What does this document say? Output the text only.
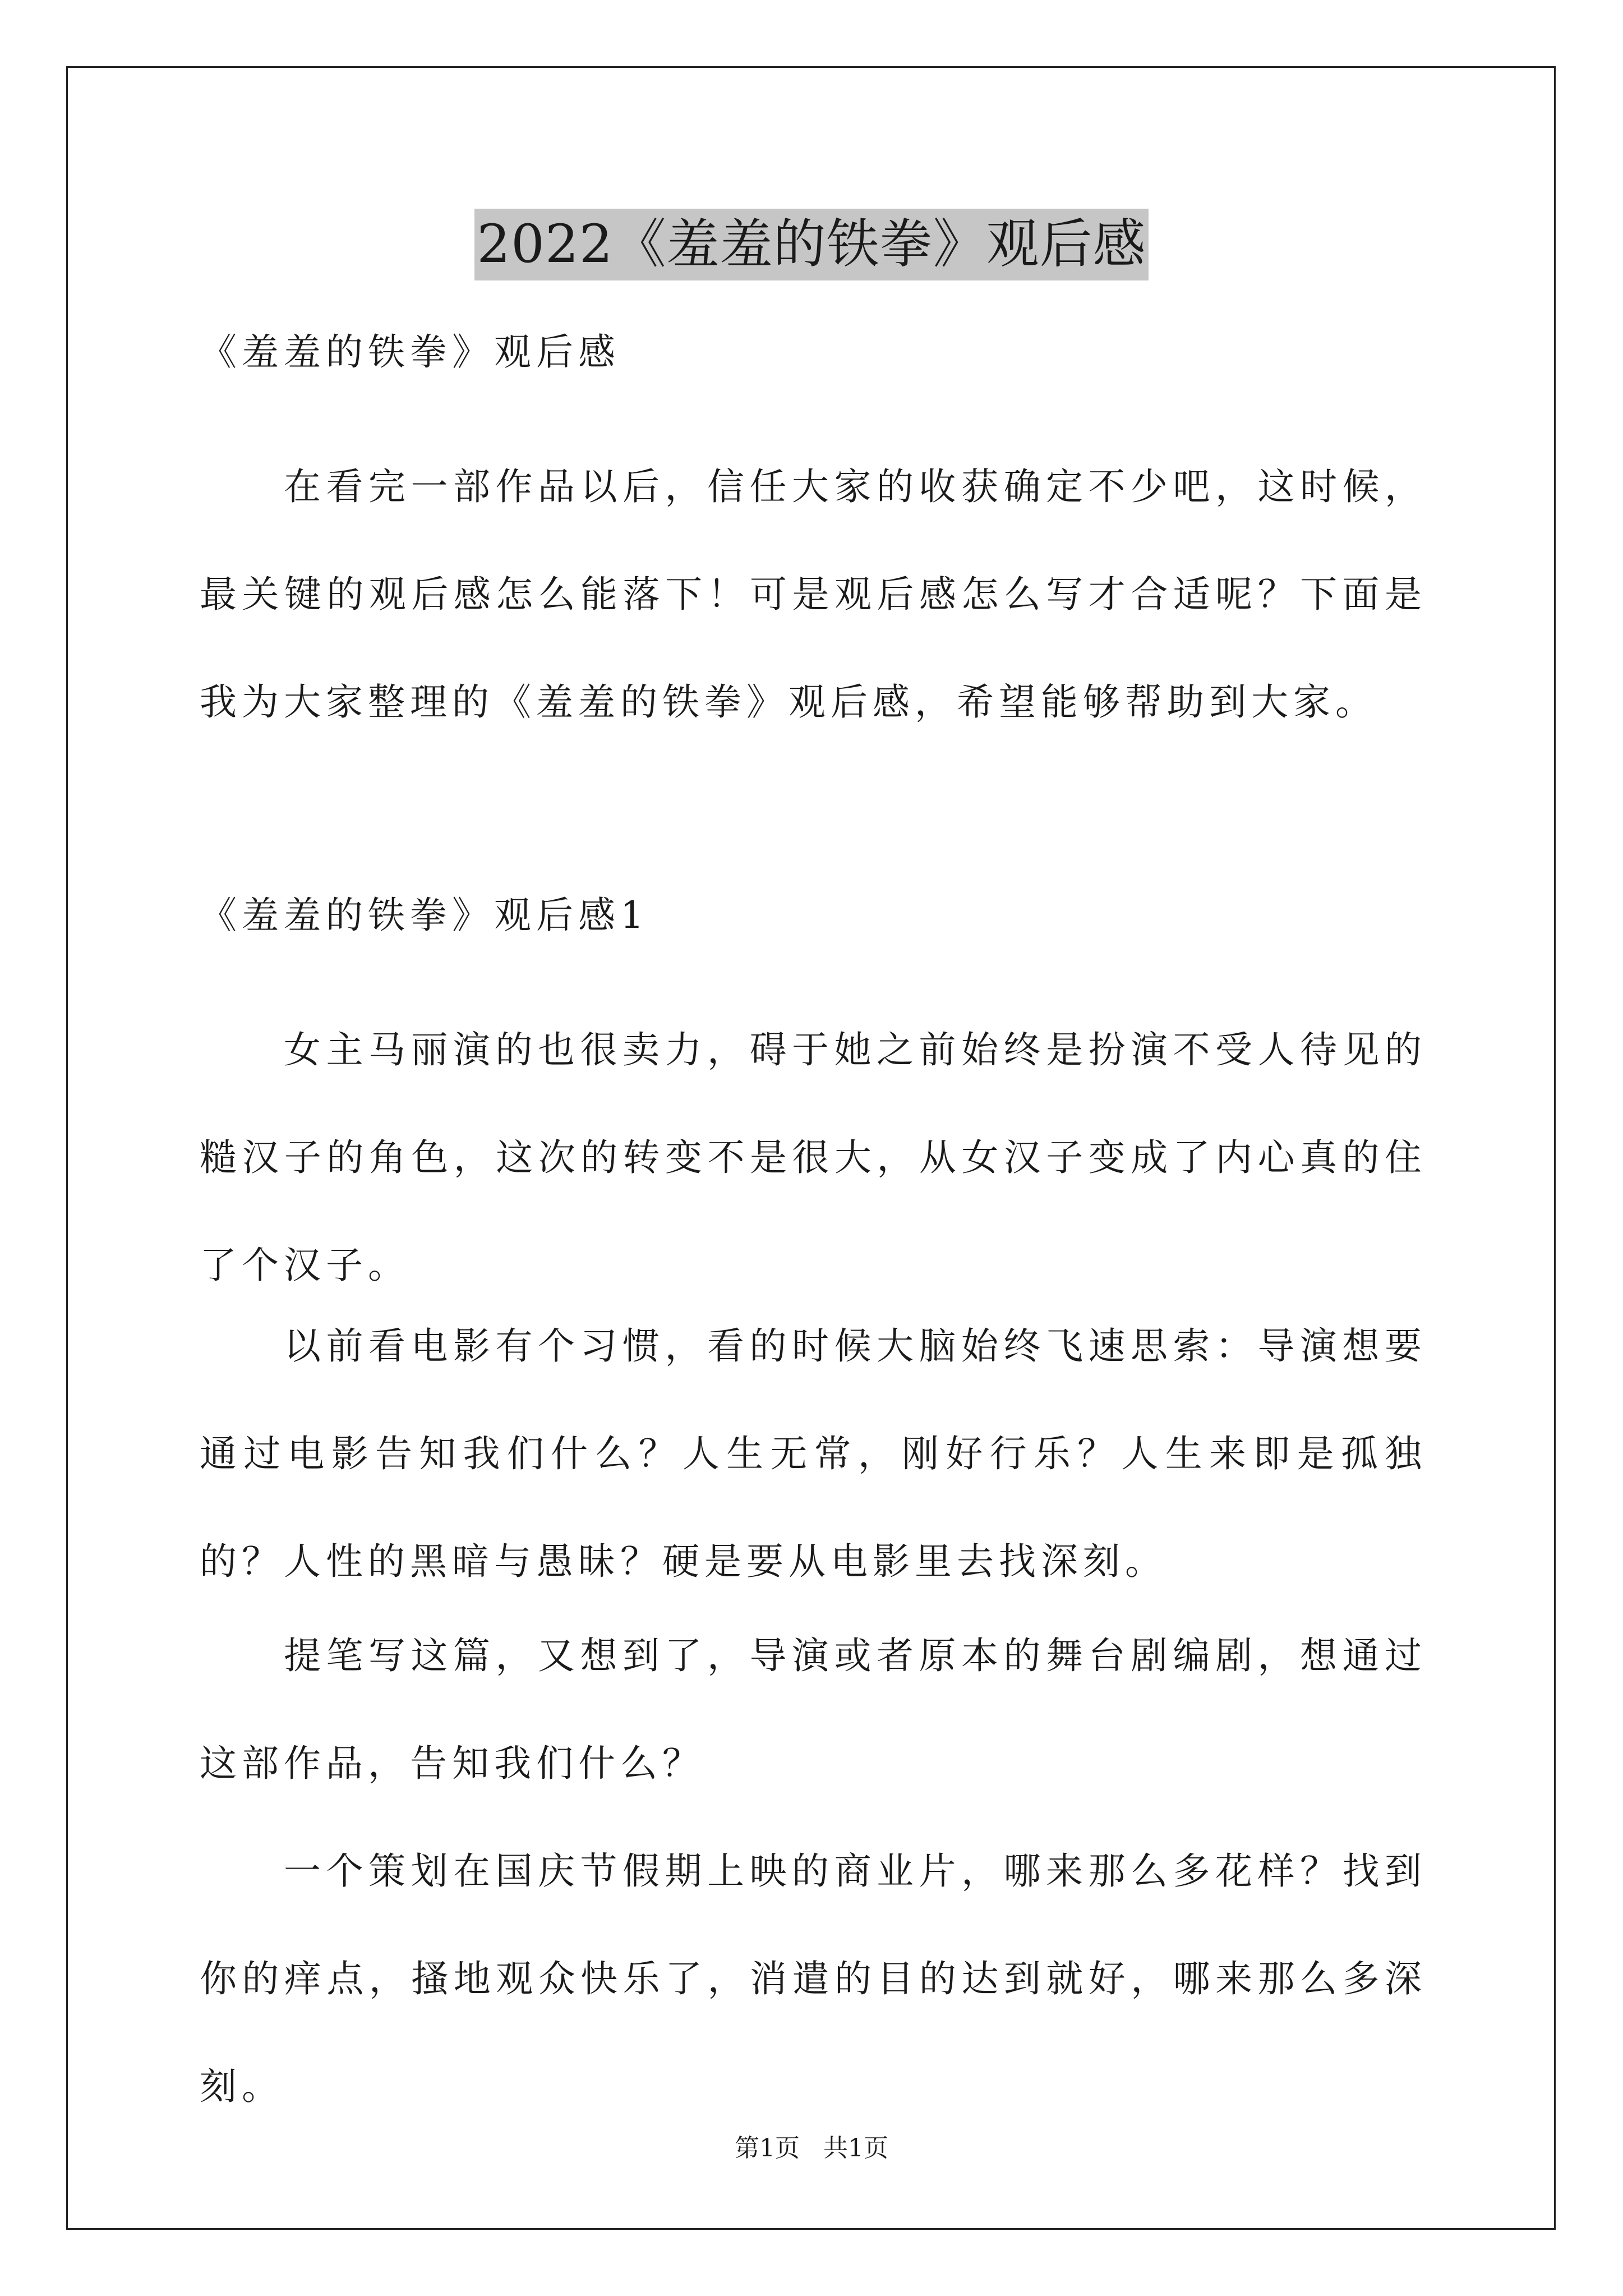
2022《羞羞的铁拳》观后感
《羞羞的铁拳》观后感
在看完一部作品以后，信任大家的收获确定不少吧，这时候，最关键的观后感怎么能落下！可是观后感怎么写才合适呢？下面是我为大家整理的《羞羞的铁拳》观后感，希望能够帮助到大家。
《羞羞的铁拳》观后感1
女主马丽演的也很卖力，碍于她之前始终是扮演不受人待见的糙汉子的角色，这次的转变不是很大，从女汉子变成了内心真的住了个汉子。
以前看电影有个习惯，看的时候大脑始终飞速思索：导演想要通过电影告知我们什么？人生无常，刚好行乐？人生来即是孤独的？人性的黑暗与愚昧？硬是要从电影里去找深刻。
提笔写这篇，又想到了，导演或者原本的舞台剧编剧，想通过这部作品，告知我们什么？
一个策划在国庆节假期上映的商业片，哪来那么多花样？找到你的痒点，搔地观众快乐了，消遣的目的达到就好，哪来那么多深刻。
第1页 共1页
